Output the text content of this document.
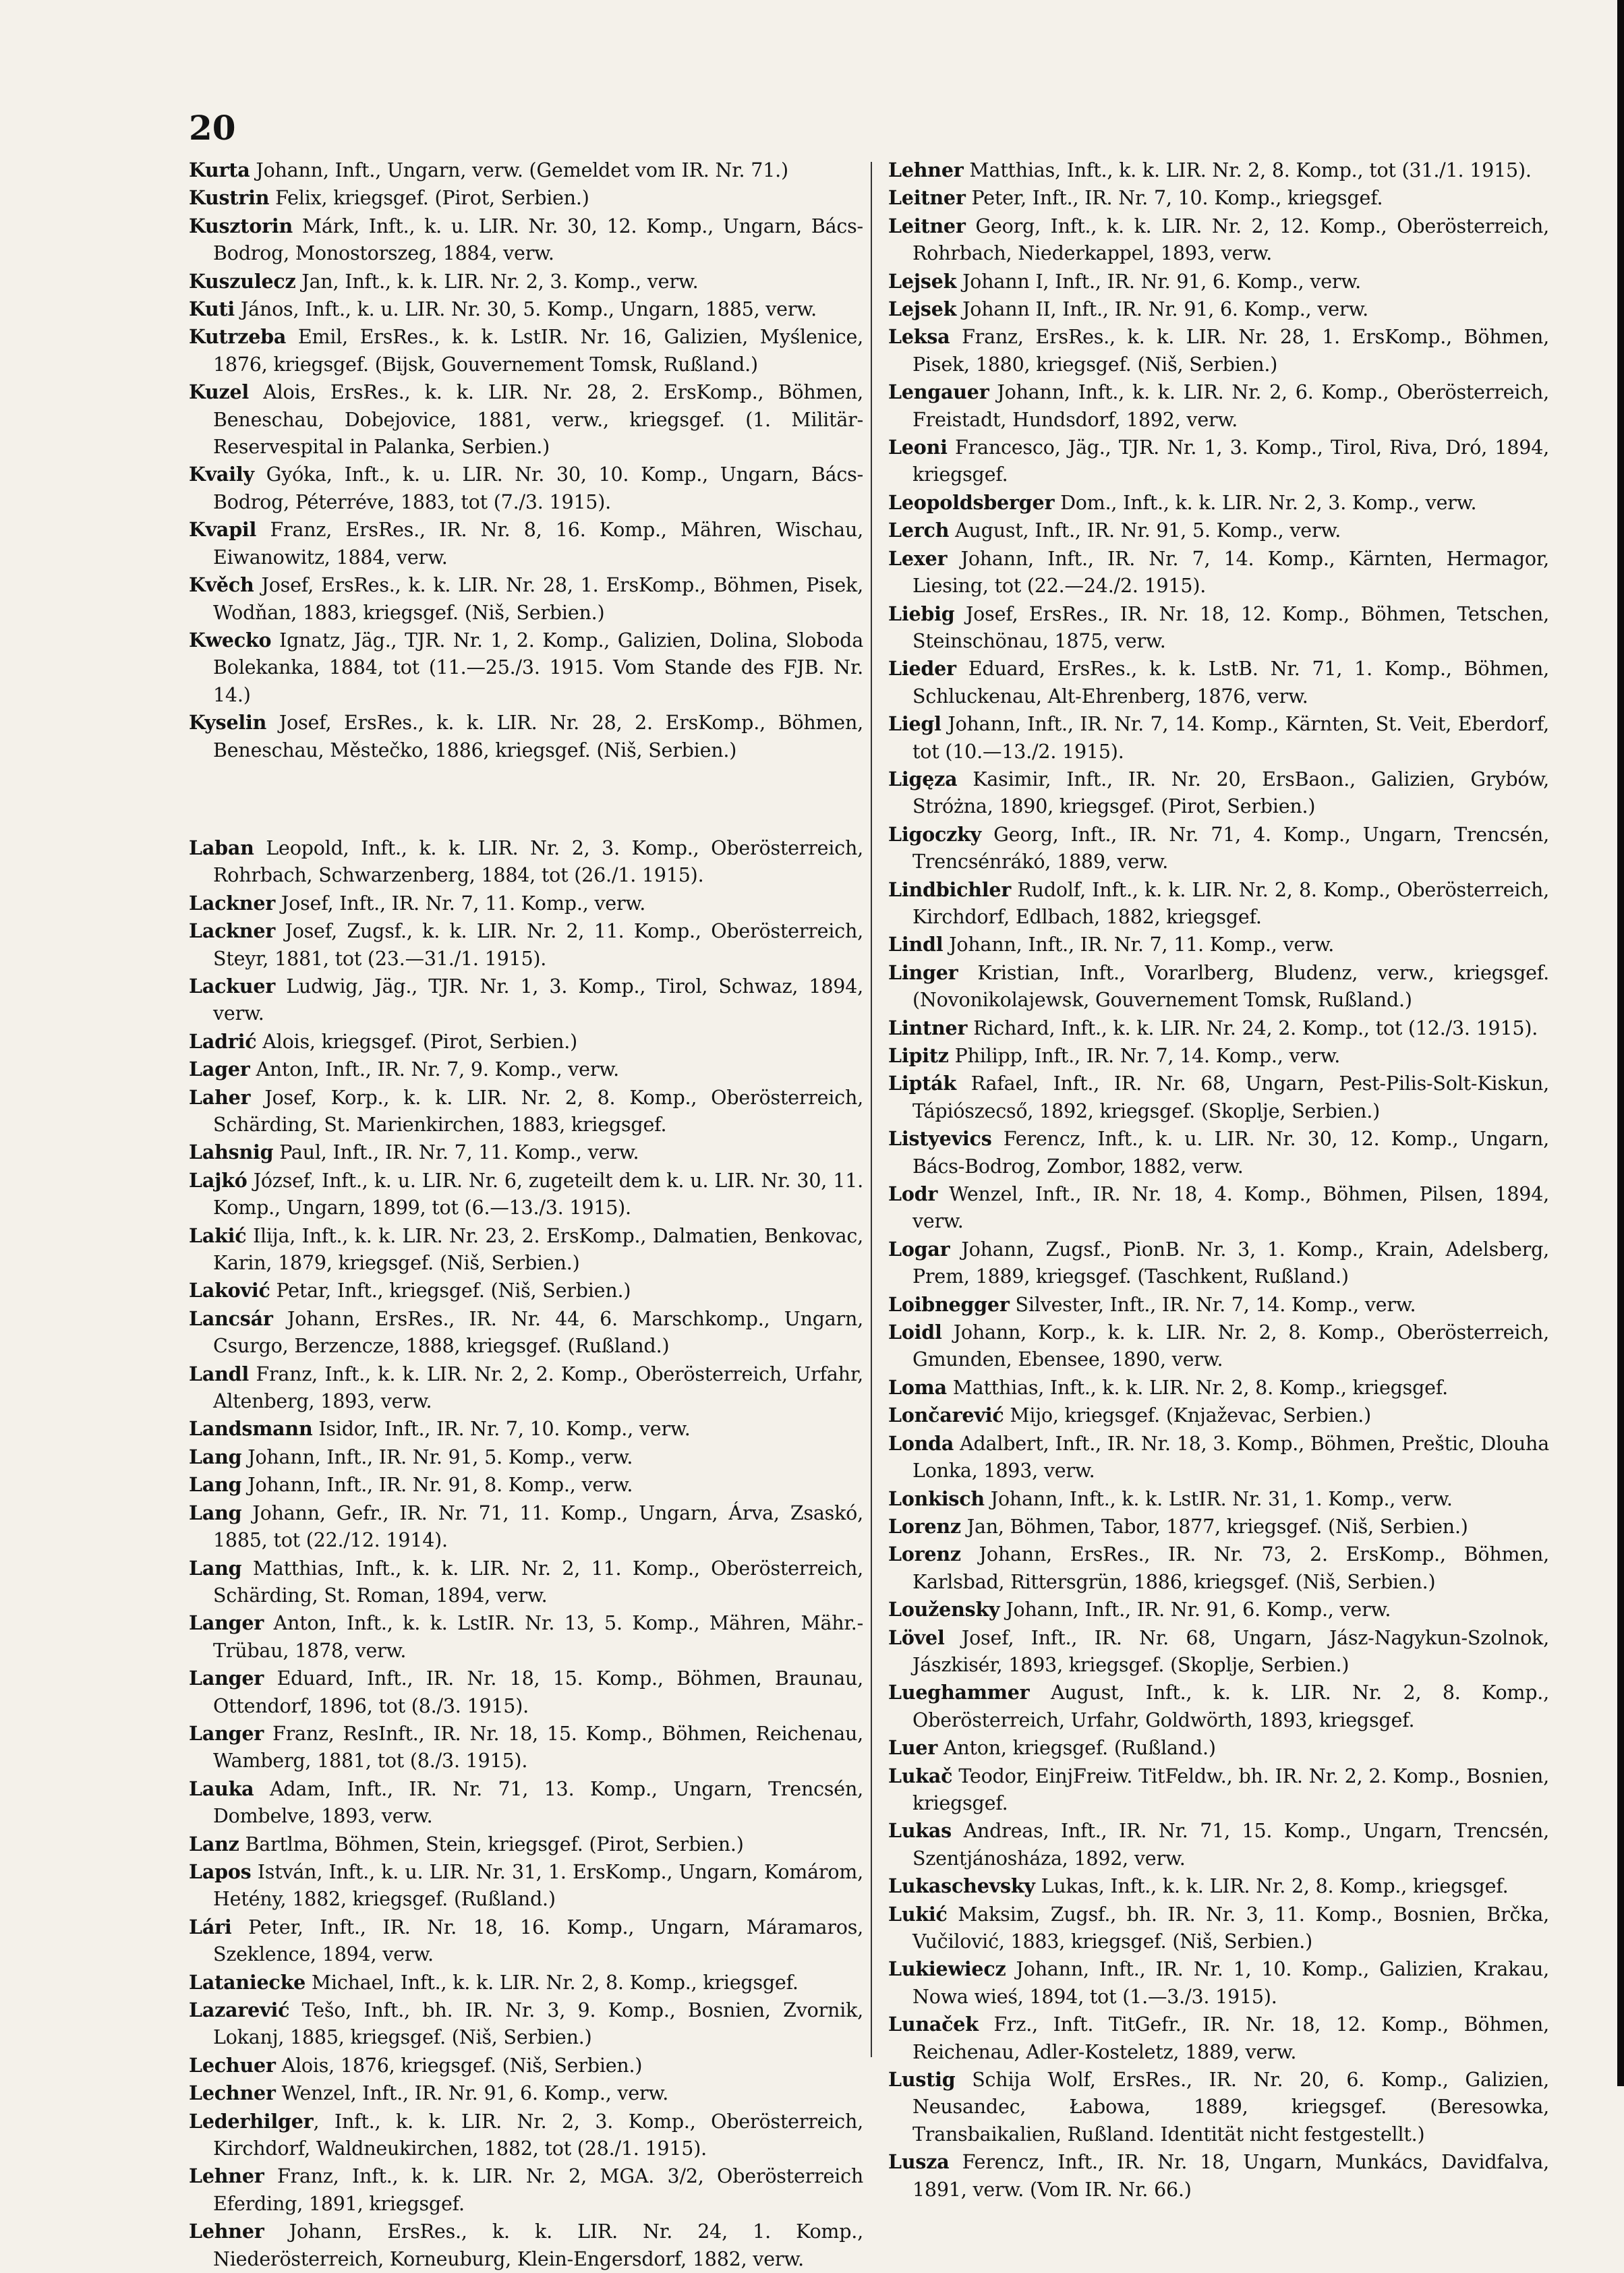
20
Kurta Johann, Inft., Ungarn, verw. (Gemeldet vom IR. Nr. 71.)
Kustrin Felix, kriegsgef. (Pirot, Serbien.)
Kusztorin Márk, Inft., k. u. LIR. Nr. 30, 12. Komp., Ungarn, Bács-Bodrog, Monostorszeg, 1884, verw.
Kuszulecz Jan, Inft., k. k. LIR. Nr. 2, 3. Komp., verw.
Kuti János, Inft., k. u. LIR. Nr. 30, 5. Komp., Ungarn, 1885, verw.
Kutrzeba Emil, ErsRes., k. k. LstIR. Nr. 16, Galizien, Myślenice, 1876, kriegsgef. (Bijsk, Gouvernement Tomsk, Rußland.)
Kuzel Alois, ErsRes., k. k. LIR. Nr. 28, 2. ErsKomp., Böhmen, Beneschau, Dobejovice, 1881, verw., kriegsgef. (1. Militär-Reservespital in Palanka, Serbien.)
Kvaily Gyóka, Inft., k. u. LIR. Nr. 30, 10. Komp., Ungarn, Bács-Bodrog, Péterréve, 1883, tot (7./3. 1915).
Kvapil Franz, ErsRes., IR. Nr. 8, 16. Komp., Mähren, Wischau, Eiwanowitz, 1884, verw.
Kvěch Josef, ErsRes., k. k. LIR. Nr. 28, 1. ErsKomp., Böhmen, Pisek, Wodňan, 1883, kriegsgef. (Niš, Serbien.)
Kwecko Ignatz, Jäg., TJR. Nr. 1, 2. Komp., Galizien, Dolina, Sloboda Bolekanka, 1884, tot (11.—25./3. 1915. Vom Stande des FJB. Nr. 14.)
Kyselin Josef, ErsRes., k. k. LIR. Nr. 28, 2. ErsKomp., Böhmen, Beneschau, Městečko, 1886, kriegsgef. (Niš, Serbien.)
Laban Leopold, Inft., k. k. LIR. Nr. 2, 3. Komp., Oberösterreich, Rohrbach, Schwarzenberg, 1884, tot (26./1. 1915).
Lackner Josef, Inft., IR. Nr. 7, 11. Komp., verw.
Lackner Josef, Zugsf., k. k. LIR. Nr. 2, 11. Komp., Oberösterreich, Steyr, 1881, tot (23.—31./1. 1915).
Lackuer Ludwig, Jäg., TJR. Nr. 1, 3. Komp., Tirol, Schwaz, 1894, verw.
Ladrić Alois, kriegsgef. (Pirot, Serbien.)
Lager Anton, Inft., IR. Nr. 7, 9. Komp., verw.
Laher Josef, Korp., k. k. LIR. Nr. 2, 8. Komp., Oberösterreich, Schärding, St. Marienkirchen, 1883, kriegsgef.
Lahsnig Paul, Inft., IR. Nr. 7, 11. Komp., verw.
Lajkó József, Inft., k. u. LIR. Nr. 6, zugeteilt dem k. u. LIR. Nr. 30, 11. Komp., Ungarn, 1899, tot (6.—13./3. 1915).
Lakić Ilija, Inft., k. k. LIR. Nr. 23, 2. ErsKomp., Dalmatien, Benkovac, Karin, 1879, kriegsgef. (Niš, Serbien.)
Laković Petar, Inft., kriegsgef. (Niš, Serbien.)
Lancsár Johann, ErsRes., IR. Nr. 44, 6. Marschkomp., Ungarn, Csurgo, Berzencze, 1888, kriegsgef. (Rußland.)
Landl Franz, Inft., k. k. LIR. Nr. 2, 2. Komp., Oberösterreich, Urfahr, Altenberg, 1893, verw.
Landsmann Isidor, Inft., IR. Nr. 7, 10. Komp., verw.
Lang Johann, Inft., IR. Nr. 91, 5. Komp., verw.
Lang Johann, Inft., IR. Nr. 91, 8. Komp., verw.
Lang Johann, Gefr., IR. Nr. 71, 11. Komp., Ungarn, Árva, Zsaskó, 1885, tot (22./12. 1914).
Lang Matthias, Inft., k. k. LIR. Nr. 2, 11. Komp., Oberösterreich, Schärding, St. Roman, 1894, verw.
Langer Anton, Inft., k. k. LstIR. Nr. 13, 5. Komp., Mähren, Mähr.-Trübau, 1878, verw.
Langer Eduard, Inft., IR. Nr. 18, 15. Komp., Böhmen, Braunau, Ottendorf, 1896, tot (8./3. 1915).
Langer Franz, ResInft., IR. Nr. 18, 15. Komp., Böhmen, Reichenau, Wamberg, 1881, tot (8./3. 1915).
Lauka Adam, Inft., IR. Nr. 71, 13. Komp., Ungarn, Trencsén, Dombelve, 1893, verw.
Lanz Bartlma, Böhmen, Stein, kriegsgef. (Pirot, Serbien.)
Lapos István, Inft., k. u. LIR. Nr. 31, 1. ErsKomp., Ungarn, Komárom, Hetény, 1882, kriegsgef. (Rußland.)
Lári Peter, Inft., IR. Nr. 18, 16. Komp., Ungarn, Máramaros, Szeklence, 1894, verw.
Lataniecke Michael, Inft., k. k. LIR. Nr. 2, 8. Komp., kriegsgef.
Lazarević Tešo, Inft., bh. IR. Nr. 3, 9. Komp., Bosnien, Zvornik, Lokanj, 1885, kriegsgef. (Niš, Serbien.)
Lechuer Alois, 1876, kriegsgef. (Niš, Serbien.)
Lechner Wenzel, Inft., IR. Nr. 91, 6. Komp., verw.
Lederhilger, Inft., k. k. LIR. Nr. 2, 3. Komp., Oberösterreich, Kirchdorf, Waldneukirchen, 1882, tot (28./1. 1915).
Lehner Franz, Inft., k. k. LIR. Nr. 2, MGA. 3/2, Oberösterreich Eferding, 1891, kriegsgef.
Lehner Johann, ErsRes., k. k. LIR. Nr. 24, 1. Komp., Niederösterreich, Korneuburg, Klein-Engersdorf, 1882, verw.
Lehner Matthias, Inft., k. k. LIR. Nr. 2, 8. Komp., tot (31./1. 1915).
Leitner Peter, Inft., IR. Nr. 7, 10. Komp., kriegsgef.
Leitner Georg, Inft., k. k. LIR. Nr. 2, 12. Komp., Oberösterreich, Rohrbach, Niederkappel, 1893, verw.
Lejsek Johann I, Inft., IR. Nr. 91, 6. Komp., verw.
Lejsek Johann II, Inft., IR. Nr. 91, 6. Komp., verw.
Leksa Franz, ErsRes., k. k. LIR. Nr. 28, 1. ErsKomp., Böhmen, Pisek, 1880, kriegsgef. (Niš, Serbien.)
Lengauer Johann, Inft., k. k. LIR. Nr. 2, 6. Komp., Oberösterreich, Freistadt, Hundsdorf, 1892, verw.
Leoni Francesco, Jäg., TJR. Nr. 1, 3. Komp., Tirol, Riva, Dró, 1894, kriegsgef.
Leopoldsberger Dom., Inft., k. k. LIR. Nr. 2, 3. Komp., verw.
Lerch August, Inft., IR. Nr. 91, 5. Komp., verw.
Lexer Johann, Inft., IR. Nr. 7, 14. Komp., Kärnten, Hermagor, Liesing, tot (22.—24./2. 1915).
Liebig Josef, ErsRes., IR. Nr. 18, 12. Komp., Böhmen, Tetschen, Steinschönau, 1875, verw.
Lieder Eduard, ErsRes., k. k. LstB. Nr. 71, 1. Komp., Böhmen, Schluckenau, Alt-Ehrenberg, 1876, verw.
Liegl Johann, Inft., IR. Nr. 7, 14. Komp., Kärnten, St. Veit, Eberdorf, tot (10.—13./2. 1915).
Ligęza Kasimir, Inft., IR. Nr. 20, ErsBaon., Galizien, Grybów, Stróżna, 1890, kriegsgef. (Pirot, Serbien.)
Ligoczky Georg, Inft., IR. Nr. 71, 4. Komp., Ungarn, Trencsén, Trencsénrákó, 1889, verw.
Lindbichler Rudolf, Inft., k. k. LIR. Nr. 2, 8. Komp., Oberösterreich, Kirchdorf, Edlbach, 1882, kriegsgef.
Lindl Johann, Inft., IR. Nr. 7, 11. Komp., verw.
Linger Kristian, Inft., Vorarlberg, Bludenz, verw., kriegsgef. (Novonikolajewsk, Gouvernement Tomsk, Rußland.)
Lintner Richard, Inft., k. k. LIR. Nr. 24, 2. Komp., tot (12./3. 1915).
Lipitz Philipp, Inft., IR. Nr. 7, 14. Komp., verw.
Lipták Rafael, Inft., IR. Nr. 68, Ungarn, Pest-Pilis-Solt-Kiskun, Tápiószecső, 1892, kriegsgef. (Skoplje, Serbien.)
Listyevics Ferencz, Inft., k. u. LIR. Nr. 30, 12. Komp., Ungarn, Bács-Bodrog, Zombor, 1882, verw.
Lodr Wenzel, Inft., IR. Nr. 18, 4. Komp., Böhmen, Pilsen, 1894, verw.
Logar Johann, Zugsf., PionB. Nr. 3, 1. Komp., Krain, Adelsberg, Prem, 1889, kriegsgef. (Taschkent, Rußland.)
Loibnegger Silvester, Inft., IR. Nr. 7, 14. Komp., verw.
Loidl Johann, Korp., k. k. LIR. Nr. 2, 8. Komp., Oberösterreich, Gmunden, Ebensee, 1890, verw.
Loma Matthias, Inft., k. k. LIR. Nr. 2, 8. Komp., kriegsgef.
Lončarević Mijo, kriegsgef. (Knjaževac, Serbien.)
Londa Adalbert, Inft., IR. Nr. 18, 3. Komp., Böhmen, Preštic, Dlouha Lonka, 1893, verw.
Lonkisch Johann, Inft., k. k. LstIR. Nr. 31, 1. Komp., verw.
Lorenz Jan, Böhmen, Tabor, 1877, kriegsgef. (Niš, Serbien.)
Lorenz Johann, ErsRes., IR. Nr. 73, 2. ErsKomp., Böhmen, Karlsbad, Rittersgrün, 1886, kriegsgef. (Niš, Serbien.)
Loužensky Johann, Inft., IR. Nr. 91, 6. Komp., verw.
Lövel Josef, Inft., IR. Nr. 68, Ungarn, Jász-Nagykun-Szolnok, Jászkisér, 1893, kriegsgef. (Skoplje, Serbien.)
Lueghammer August, Inft., k. k. LIR. Nr. 2, 8. Komp., Oberösterreich, Urfahr, Goldwörth, 1893, kriegsgef.
Luer Anton, kriegsgef. (Rußland.)
Lukač Teodor, EinjFreiw. TitFeldw., bh. IR. Nr. 2, 2. Komp., Bosnien, kriegsgef.
Lukas Andreas, Inft., IR. Nr. 71, 15. Komp., Ungarn, Trencsén, Szentjánosháza, 1892, verw.
Lukaschevsky Lukas, Inft., k. k. LIR. Nr. 2, 8. Komp., kriegsgef.
Lukić Maksim, Zugsf., bh. IR. Nr. 3, 11. Komp., Bosnien, Brčka, Vučilović, 1883, kriegsgef. (Niš, Serbien.)
Lukiewiecz Johann, Inft., IR. Nr. 1, 10. Komp., Galizien, Krakau, Nowa wieś, 1894, tot (1.—3./3. 1915).
Lunaček Frz., Inft. TitGefr., IR. Nr. 18, 12. Komp., Böhmen, Reichenau, Adler-Kosteletz, 1889, verw.
Lustig Schija Wolf, ErsRes., IR. Nr. 20, 6. Komp., Galizien, Neusandec, Łabowa, 1889, kriegsgef. (Beresowka, Transbaikalien, Rußland. Identität nicht festgestellt.)
Lusza Ferencz, Inft., IR. Nr. 18, Ungarn, Munkács, Davidfalva, 1891, verw. (Vom IR. Nr. 66.)
